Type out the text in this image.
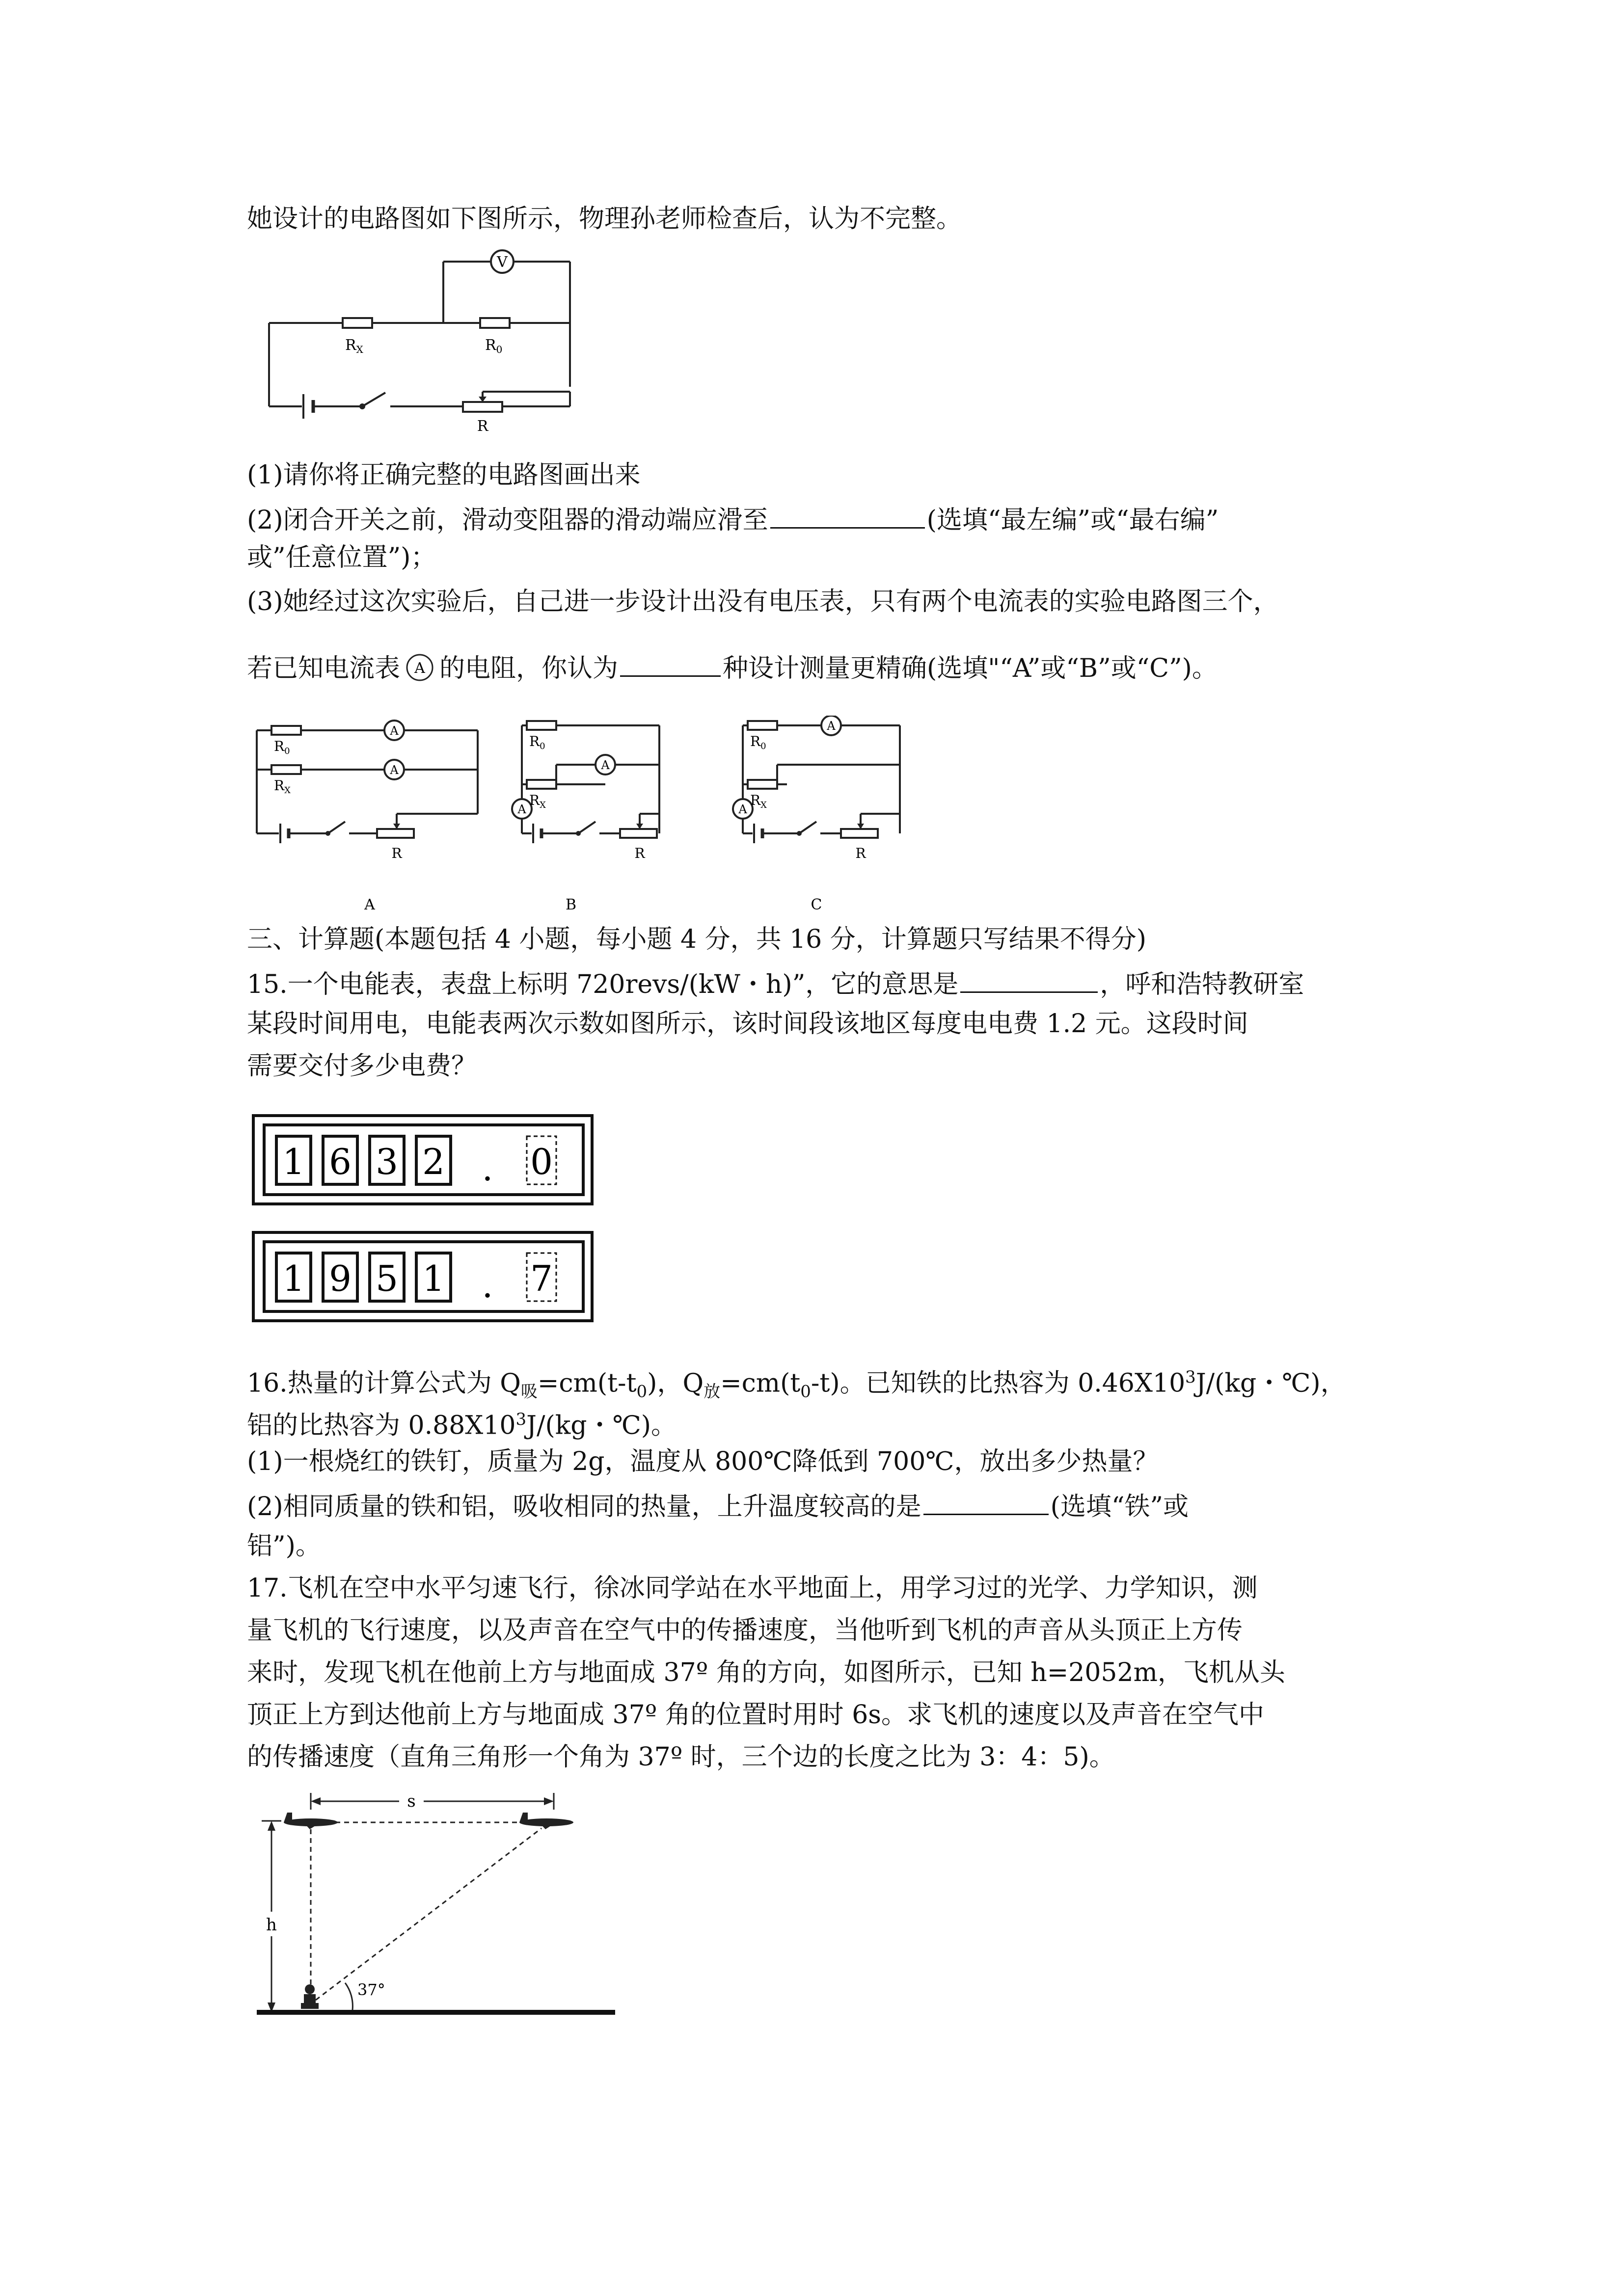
她设计的电路图如下图所示，物理孙老师检查后，认为不完整。
V
$R_X$	$R_0$
R
(1)请你将正确完整的电路图画出来
(2)闭合开关之前，滑动变阻器的滑动端应滑至	(选填“最左编”或“最右编”
或”任意位置”)；
(3)她经过这次实验后，自己进一步设计出没有电压表，只有两个电流表的实验电路图三个，
若已知电流表 A 的电阻，你认为	种设计测量更精确(选填"“A”或“B”或“C”)。
A
A
$R_0$
$R_X$
R
A
A
A
$R_0$
$R_X$
R
B
A
A
$R_0$
$R_X$
R
C
三、计算题(本题包括 4 小题，每小题 4 分，共 16 分，计算题只写结果不得分)
15.一个电能表，表盘上标明 720revs/(kW・h)”，它的意思是	，呼和浩特教研室
某段时间用电，电能表两次示数如图所示，该时间段该地区每度电电费 1.2 元。这段时间
需要交付多少电费？
1 6 3 2 . 0
1 9 5 1 . 7
16.热量的计算公式为 $Q_吸=cm(t-t_0)$，$Q_放=cm(t_0-t)$。已知铁的比热容为 $0.46X10^3J/(kg$・℃)，
铝的比热容为 $0.88X10^3J/(kg$・℃)。
(1)一根烧红的铁钉，质量为 2g，温度从 800℃降低到 700℃，放出多少热量？
(2)相同质量的铁和铝，吸收相同的热量，上升温度较高的是	(选填“铁”或
铝”)。
17.飞机在空中水平匀速飞行，徐冰同学站在水平地面上，用学习过的光学、力学知识，测
量飞机的飞行速度，以及声音在空气中的传播速度，当他听到飞机的声音从头顶正上方传
来时，发现飞机在他前上方与地面成 37º 角的方向，如图所示，已知 h=2052m，飞机从头
顶正上方到达他前上方与地面成 37º 角的位置时用时 6s。求飞机的速度以及声音在空气中
的传播速度（直角三角形一个角为 37º 时，三个边的长度之比为 3：4：5)。
s
h
37°
